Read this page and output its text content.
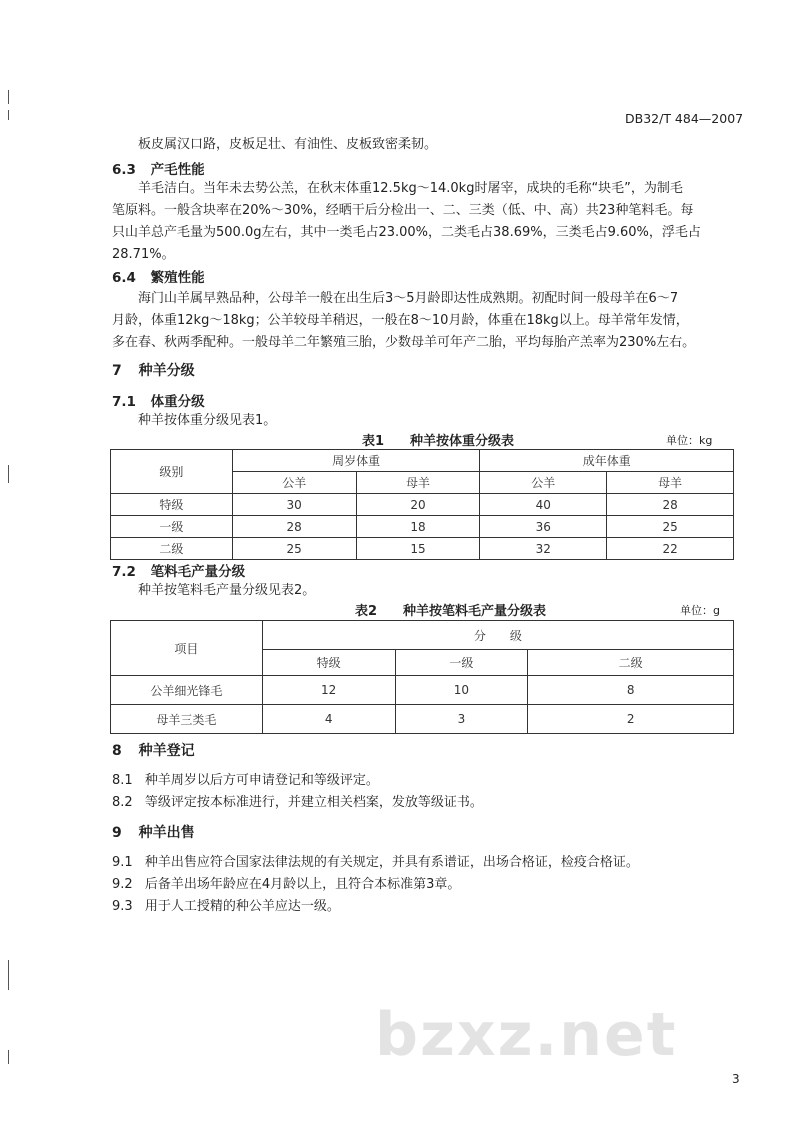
DB32/T 484—2007
板皮属汉口路，皮板足壮、有油性、皮板致密柔韧。
6.3 产毛性能
羊毛洁白。当年未去势公羔，在秋末体重12.5kg～14.0kg时屠宰，成块的毛称“块毛”，为制毛
笔原料。一般含块率在20%～30%，经晒干后分检出一、二、三类（低、中、高）共23种笔料毛。每
只山羊总产毛量为500.0g左右，其中一类毛占23.00%，二类毛占38.69%，三类毛占9.60%，浮毛占
28.71%。
6.4 繁殖性能
海门山羊属早熟品种，公母羊一般在出生后3～5月龄即达性成熟期。初配时间一般母羊在6～7
月龄，体重12kg～18kg；公羊较母羊稍迟，一般在8～10月龄，体重在18kg以上。母羊常年发情，
多在春、秋两季配种。一般母羊二年繁殖三胎，少数母羊可年产二胎，平均每胎产羔率为230%左右。
7 种羊分级
7.1 体重分级
种羊按体重分级见表1。
表1　　种羊按体重分级表	单位：kg
级别	周岁体重		成年体重	
	公羊	母羊	公羊	母羊
特级	30	20	40	28
一级	28	18	36	25
二级	25	15	32	22
7.2 笔料毛产量分级
种羊按笔料毛产量分级见表2。
表2　　种羊按笔料毛产量分级表	单位：g
项目	分　　级		
	特级	一级	二级
公羊细光锋毛	12	10	8
母羊三类毛	4	3	2
8 种羊登记
8.1 种羊周岁以后方可申请登记和等级评定。
8.2 等级评定按本标准进行，并建立相关档案，发放等级证书。
9 种羊出售
9.1 种羊出售应符合国家法律法规的有关规定，并具有系谱证，出场合格证，检疫合格证。
9.2 后备羊出场年龄应在4月龄以上，且符合本标准第3章。
9.3 用于人工授精的种公羊应达一级。
bzxz.net
3
